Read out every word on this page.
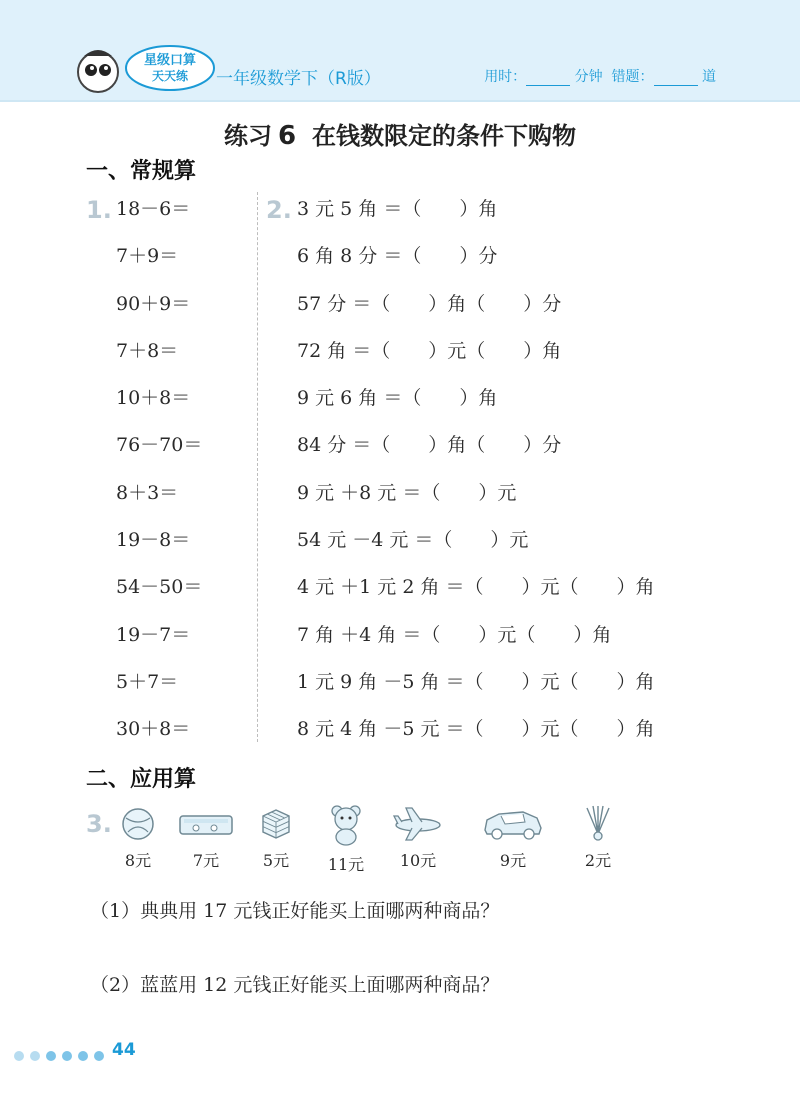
星级口算
天天练 一年级数学下（R版）	用时：	分钟 错题：	道
练习 6 在钱数限定的条件下购物
一、常规算
1.	2.
18－6＝
7＋9＝
90＋9＝
7＋8＝
10＋8＝
76－70＝
8＋3＝
19－8＝
54－50＝
19－7＝
5＋7＝
30＋8＝
3 元 5 角 ＝（　　）角
6 角 8 分 ＝（　　）分
57 分 ＝（　　）角（　　）分
72 角 ＝（　　）元（　　）角
9 元 6 角 ＝（　　）角
84 分 ＝（　　）角（　　）分
9 元 ＋8 元 ＝（　　）元
54 元 －4 元 ＝（　　）元
4 元 ＋1 元 2 角 ＝（　　）元（　　）角
7 角 ＋4 角 ＝（　　）元（　　）角
1 元 9 角 －5 角 ＝（　　）元（　　）角
8 元 4 角 －5 元 ＝（　　）元（　　）角
二、应用算
3.
8元	7元	5元	11元	10元	9元	2元
（1）典典用 17 元钱正好能买上面哪两种商品？
（2）蓝蓝用 12 元钱正好能买上面哪两种商品？
44
